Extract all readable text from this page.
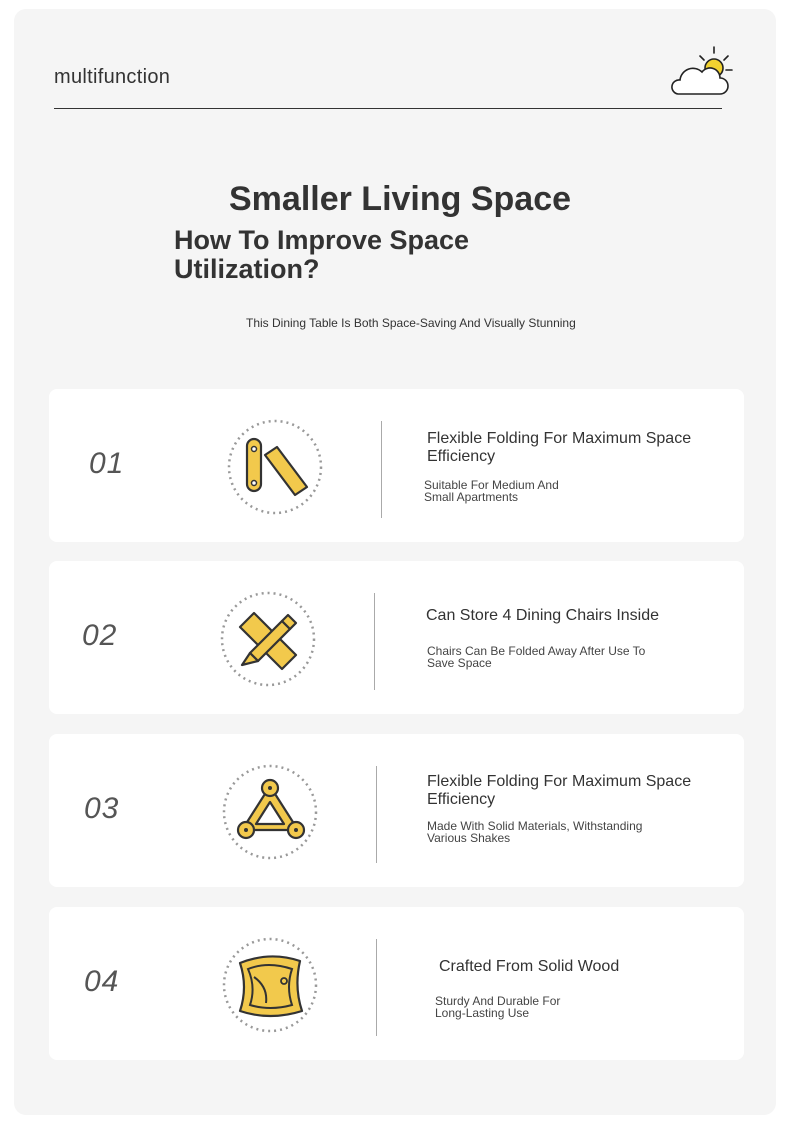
multifunction
Smaller Living Space
How To Improve Space Utilization?
This Dining Table Is Both Space-Saving And Visually Stunning
01
Flexible Folding For Maximum Space Efficiency
Suitable For Medium And Small Apartments
02
Can Store 4 Dining Chairs Inside
Chairs Can Be Folded Away After Use To Save Space
03
Flexible Folding For Maximum Space Efficiency
Made With Solid Materials, Withstanding Various Shakes
04	Crafted From Solid Wood
Sturdy And Durable For Long-Lasting Use
